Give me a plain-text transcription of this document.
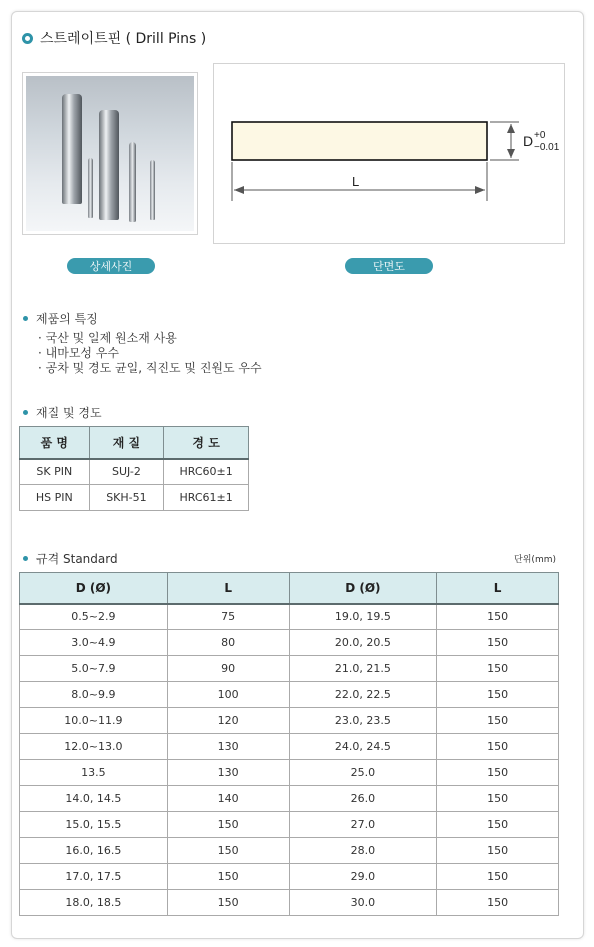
스트레이트핀 ( Drill Pins )
L
D +0
−0.01
상세사진	단면도
제품의 특징
· 국산 및 일제 원소재 사용
· 내마모성 우수
· 공차 및 경도 균일, 직진도 및 진원도 우수
재질 및 경도
품 명	재 질	경 도
SK PIN	SUJ-2	HRC60±1
HS PIN	SKH-51	HRC61±1
규격 Standard	단위(mm)
D (Ø)	L	D (Ø)	L
0.5~2.9	75	19.0, 19.5	150
3.0~4.9	80	20.0, 20.5	150
5.0~7.9	90	21.0, 21.5	150
8.0~9.9	100	22.0, 22.5	150
10.0~11.9	120	23.0, 23.5	150
12.0~13.0	130	24.0, 24.5	150
13.5	130	25.0	150
14.0, 14.5	140	26.0	150
15.0, 15.5	150	27.0	150
16.0, 16.5	150	28.0	150
17.0, 17.5	150	29.0	150
18.0, 18.5	150	30.0	150
